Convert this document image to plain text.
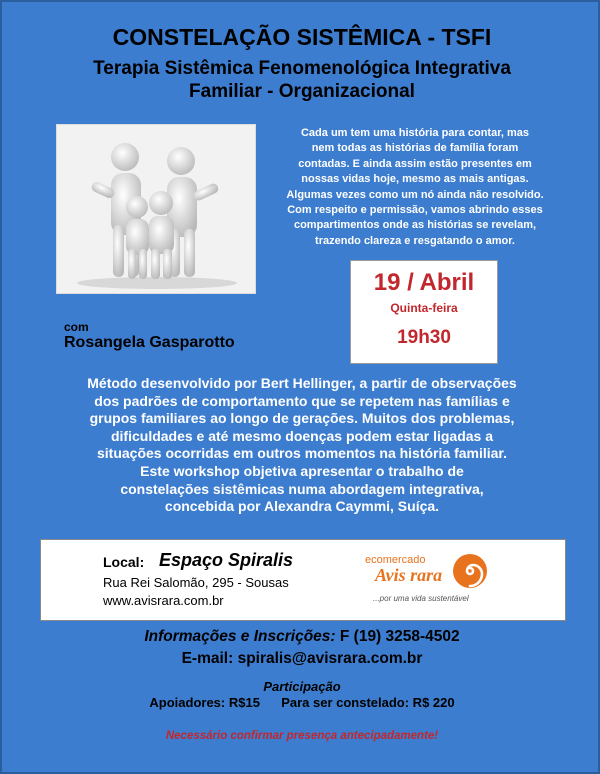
CONSTELAÇÃO SISTÊMICA - TSFI
Terapia Sistêmica Fenomenológica Integrativa
Familiar - Organizacional
Cada um tem uma história para contar, mas
nem todas as histórias de família foram
contadas. E ainda assim estão presentes em
nossas vidas hoje, mesmo as mais antigas.
Algumas vezes como um nó ainda não resolvido.
Com respeito e permissão, vamos abrindo esses
compartimentos onde as histórias se revelam,
trazendo clareza e resgatando o amor.
19 / Abril
Quinta-feira
19h30
com
Rosangela Gasparotto
Método desenvolvido por Bert Hellinger, a partir de observações
dos padrões de comportamento que se repetem nas famílias e
grupos familiares ao longo de gerações. Muitos dos problemas,
dificuldades e até mesmo doenças podem estar ligadas a
situações ocorridas em outros momentos na história familiar.
Este workshop objetiva apresentar o trabalho de
constelações sistêmicas numa abordagem integrativa,
concebida por Alexandra Caymmi, Suíça.
Local: Espaço Spiralis
Rua Rei Salomão, 295 - Sousas
www.avisrara.com.br
ecomercado
Avis rara
...por uma vida sustentável
Informações e Inscrições: F (19) 3258-4502
E-mail: spiralis@avisrara.com.br
Participação
Apoiadores: R$15 Para ser constelado: R$ 220
Necessário confirmar presença antecipadamente!
